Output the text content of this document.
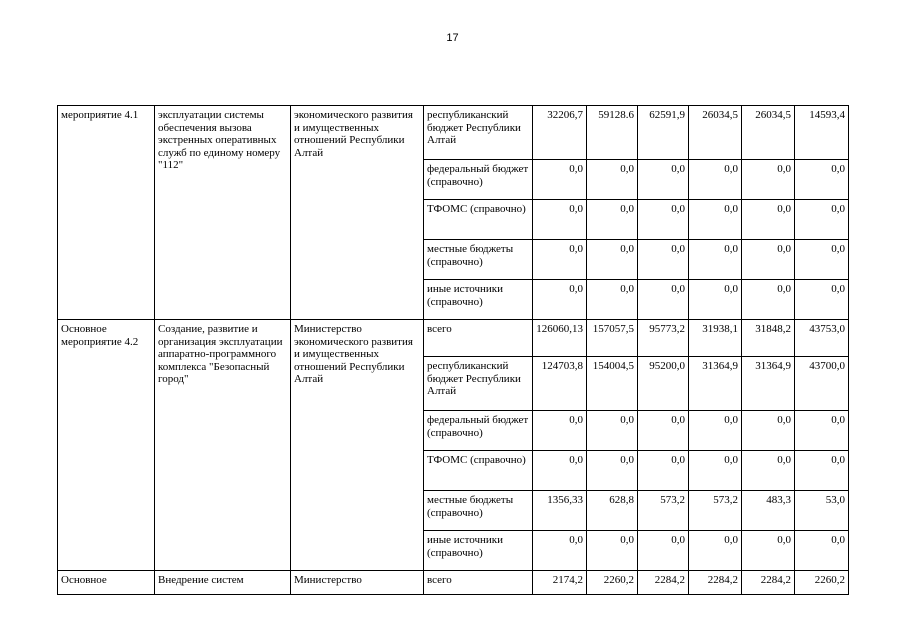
17
мероприятие 4.1	эксплуатации системы обеспечения вызова экстренных оперативных служб по единому номеру "112"	экономического развития и имущественных отношений Республики Алтай	республиканский бюджет Республики Алтай	32206,7	59128.6	62591,9	26034,5	26034,5	14593,4
			федеральный бюджет (справочно)	0,0	0,0	0,0	0,0	0,0	0,0
			ТФОМС (справочно)	0,0	0,0	0,0	0,0	0,0	0,0
			местные бюджеты (справочно)	0,0	0,0	0,0	0,0	0,0	0,0
			иные источники (справочно)	0,0	0,0	0,0	0,0	0,0	0,0
Основное мероприятие 4.2	Создание, развитие и организация эксплуатации аппаратно-программного комплекса "Безопасный город"	Министерство экономического развития и имущественных отношений Республики Алтай	всего	126060,13	157057,5	95773,2	31938,1	31848,2	43753,0
			республиканский бюджет Республики Алтай	124703,8	154004,5	95200,0	31364,9	31364,9	43700,0
			федеральный бюджет (справочно)	0,0	0,0	0,0	0,0	0,0	0,0
			ТФОМС (справочно)	0,0	0,0	0,0	0,0	0,0	0,0
			местные бюджеты (справочно)	1356,33	628,8	573,2	573,2	483,3	53,0
			иные источники (справочно)	0,0	0,0	0,0	0,0	0,0	0,0
Основное	Внедрение систем	Министерство	всего	2174,2	2260,2	2284,2	2284,2	2284,2	2260,2
